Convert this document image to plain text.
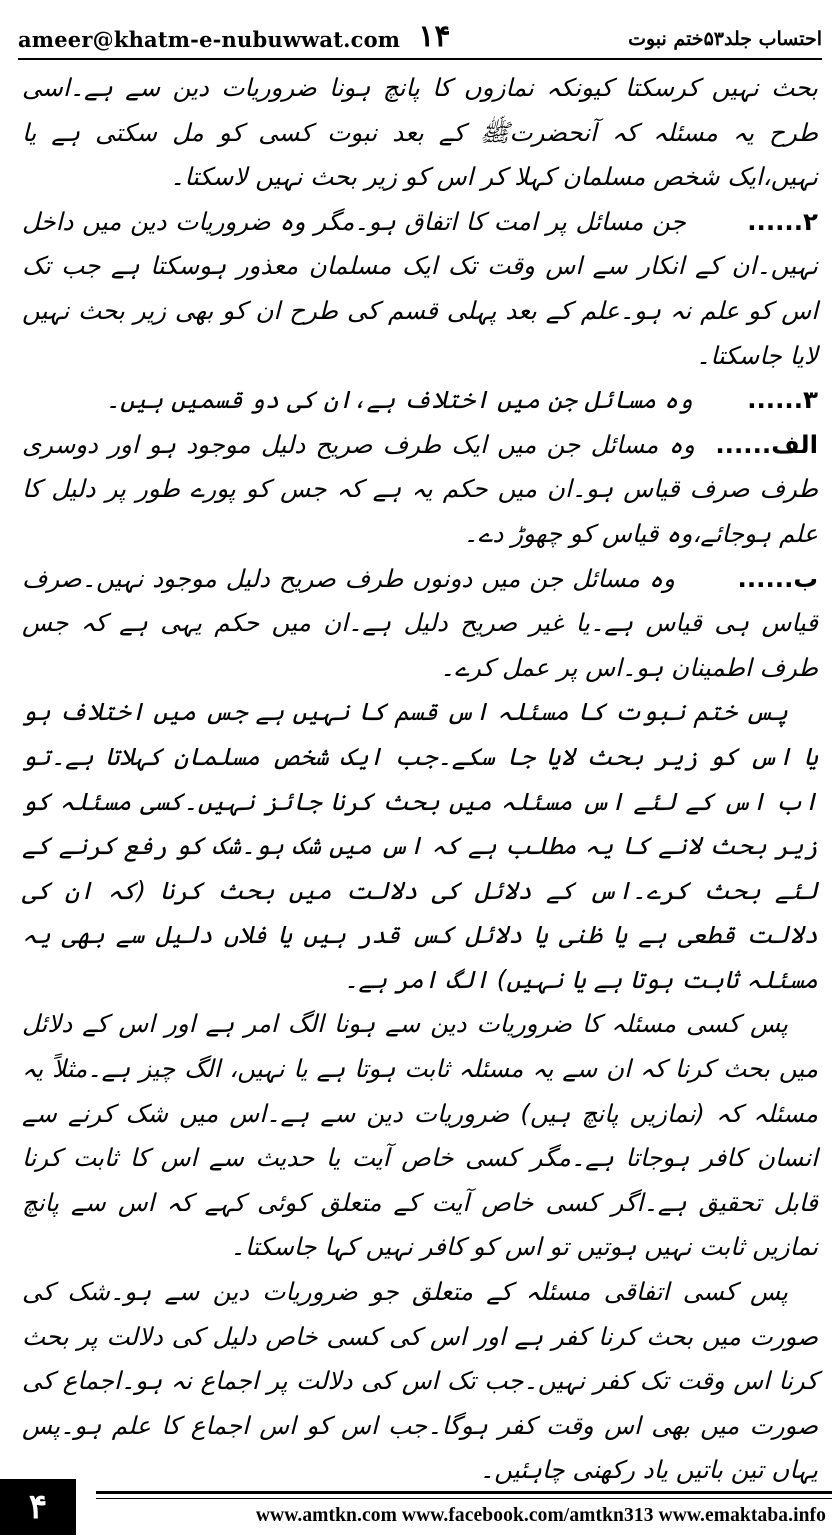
ameer@khatm-e-nubuwwat.com ۱۴	احتساب جلد۵۳ختم نبوت

بحث نہیں کرسکتا کیونکہ نمازوں کا پانچ ہونا ضروریات دین سے ہے۔اسی طرح یہ مسئلہ کہ آنحضرتﷺ کے بعد نبوت کسی کو مل سکتی ہے یا نہیں،ایک شخص مسلمان کہلا کر اس کو زیر بحث نہیں لاسکتا۔

۲......       جن مسائل پر امت کا اتفاق ہو۔مگر وہ ضروریات دین میں داخل نہیں۔ان کے انکار سے اس وقت تک ایک مسلمان معذور ہوسکتا ہے جب تک اس کو علم نہ ہو۔علم کے بعد پہلی قسم کی طرح ان کو بھی زیر بحث نہیں لایا جاسکتا۔

۳......       وہ مسائل جن میں اختلاف ہے،ان کی دو قسمیں ہیں۔

الف......  وہ مسائل جن میں ایک طرف صریح دلیل موجود ہو اور دوسری طرف صرف قیاس ہو۔ان میں حکم یہ ہے کہ جس کو پورے طور پر دلیل کا علم ہوجائے،وہ قیاس کو چھوڑ دے۔

ب......       وہ مسائل جن میں دونوں طرف صریح دلیل موجود نہیں۔صرف قیاس ہی قیاس ہے۔یا غیر صریح دلیل ہے۔ان میں حکم یہی ہے کہ جس طرف اطمینان ہو۔اس پر عمل کرے۔

پس ختم نبوت کا مسئلہ اس قسم کا نہیں ہے جس میں اختلاف ہو یا اس کو زیر بحث لایا جا سکے۔جب ایک شخص مسلمان کہلاتا ہے۔تو اب اس کے لئے اس مسئلہ میں بحث کرنا جائز نہیں۔کسی مسئلہ کو زیر بحث لانے کا یہ مطلب ہے کہ اس میں شک ہو۔شک کو رفع کرنے کے لئے بحث کرے۔اس کے دلائل کی دلالت میں بحث کرنا (کہ ان کی دلالت قطعی ہے یا ظنی یا دلائل کس قدر ہیں یا فلاں دلیل سے بھی یہ مسئلہ ثابت ہوتا ہے یا نہیں) الگ امر ہے۔

پس کسی مسئلہ کا ضروریات دین سے ہونا الگ امر ہے اور اس کے دلائل میں بحث کرنا کہ ان سے یہ مسئلہ ثابت ہوتا ہے یا نہیں، الگ چیز ہے۔مثلاً یہ مسئلہ کہ (نمازیں پانچ ہیں) ضروریات دین سے ہے۔اس میں شک کرنے سے انسان کافر ہوجاتا ہے۔مگر کسی خاص آیت یا حدیث سے اس کا ثابت کرنا قابل تحقیق ہے۔اگر کسی خاص آیت کے متعلق کوئی کہے کہ اس سے پانچ نمازیں ثابت نہیں ہوتیں تو اس کو کافر نہیں کہا جاسکتا۔

پس کسی اتفاقی مسئلہ کے متعلق جو ضروریات دین سے ہو۔شک کی صورت میں بحث کرنا کفر ہے اور اس کی کسی خاص دلیل کی دلالت پر بحث کرنا اس وقت تک کفر نہیں۔جب تک اس کی دلالت پر اجماع نہ ہو۔اجماع کی صورت میں بھی اس وقت کفر ہوگا۔جب اس کو اس اجماع کا علم ہو۔پس یہاں تین باتیں یاد رکھنی چاہئیں۔

۴	www.amtkn.com www.facebook.com/amtkn313 www.emaktaba.info
